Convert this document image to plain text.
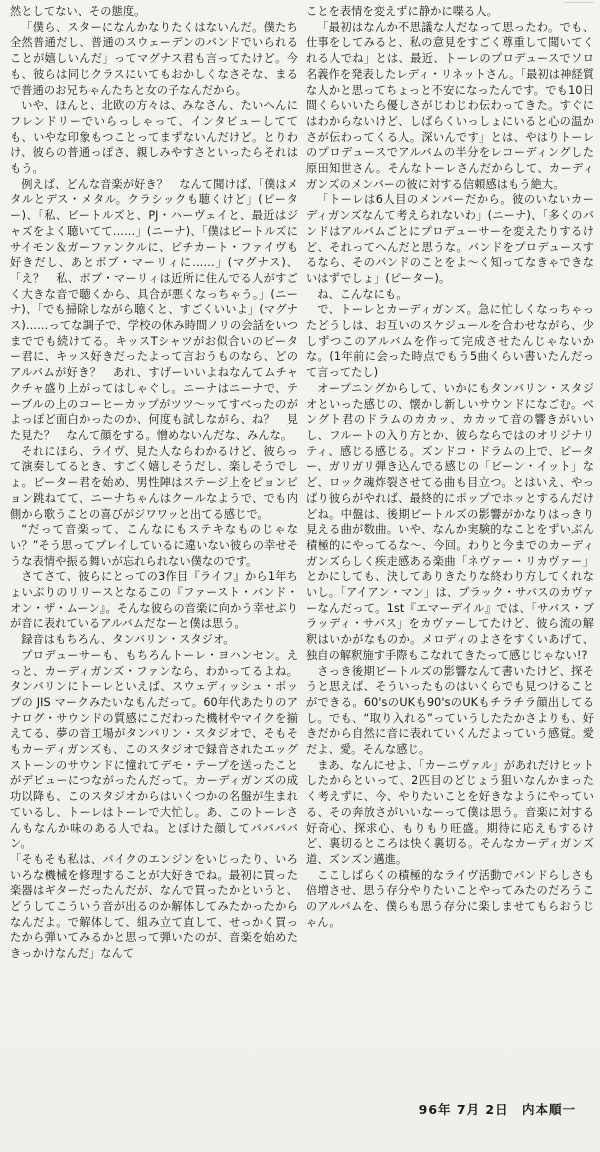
然としてない、その態度。

「僕ら、スターになんかなりたくはないんだ。僕たち全然普通だし、普通のスウェーデンのバンドでいられることが嬉しいんだ」ってマグナス君も言ってたけど。今も、彼らは同じクラスにいてもおかしくなさそな、まるで普通のお兄ちゃんたちと女の子なんだから。

いや、ほんと、北欧の方々は、みなさん、たいへんにフレンドリーでいらっしゃって、インタビューしてても、いやな印象もつことってまずないんだけど。とりわけ、彼らの普通っぽさ、親しみやすさといったらそれはもう。

例えば、どんな音楽が好き？　なんて聞けば、「僕はメタルとデス・メタル。クラシックも聴くけど」(ピーター)、「私、ビートルズと、PJ・ハーヴェイと、最近はジャズをよく聴いてて……」(ニーナ)、「僕はビートルズにサイモン＆ガーファンクルに、ピチカート・ファイヴも好きだし、あとボブ・マーリィに……」(マグナス)、「え？　私、ボブ・マーリィは近所に住んでる人がすごく大きな音で聴くから、具合が悪くなっちゃう。」(ニーナ)、「でも掃除しながら聴くと、すごくいいよ」(マグナス)……ってな調子で、学校の休み時間ノリの会話をいつまででも続けてる。キッスTシャツがお似合いのピーター君に、キッス好きだったよって言おうものなら、どのアルバムが好き？　あれ、すげーいいよねなんてムチャクチャ盛り上がってはしゃぐし。ニーナはニーナで、テーブルの上のコーヒーカップがツツ〜ッてすべったのがよっぽど面白かったのか、何度も試しながら、ね？　見た見た？　なんて顔をする。憎めないんだな、みんな。

それにほら、ライヴ、見た人ならわかるけど、彼らって演奏してるとき、すごく嬉しそうだし、楽しそうでしょ。ピーター君を始め、男性陣はステージ上をピョンピョン跳ねてて、ニーナちゃんはクールなようで、でも内側から歌うことの喜びがジワワッと出てる感じで。

“だって音楽って、こんなにもステキなものじゃない？”そう思ってプレイしているに違いない彼らの幸せそうな表情や振る舞いが忘れられない僕なのです。

さてさて、彼らにとっての3作目『ライフ』から1年ちょいぶりのリリースとなるこの『ファースト・バンド・オン・ザ・ムーン』。そんな彼らの音楽に向かう幸せぶりが音に表れているアルバムだなーと僕は思う。

録音はもちろん、タンバリン・スタジオ。

プロデューサーも、もちろんトーレ・ヨハンセン。えっと、カーディガンズ・ファンなら、わかってるよね。タンバリンにトーレといえば、スウェディッシュ・ポップの JIS マークみたいなもんだって。60年代あたりのアナログ・サウンドの質感にこだわった機材やマイクを揃えてる、夢の音工場がタンバリン・スタジオで、そもそもカーディガンズも、このスタジオで録音されたエッグストーンのサウンドに憧れてデモ・テープを送ったことがデビューにつながったんだって。カーディガンズの成功以降も、このスタジオからはいくつかの名盤が生まれているし、トーレはトーレで大忙し。あ、このトーレさんもなんか味のある人でね。とぼけた顔してババババン。

「そもそも私は、バイクのエンジンをいじったり、いろいろな機械を修理することが大好きでね。最初に買った楽器はギターだったんだが、なんで買ったかというと、どうしてこういう音が出るのか解体してみたかったからなんだよ。で解体して、組み立て直して、せっかく買ったから弾いてみるかと思って弾いたのが、音楽を始めたきっかけなんだ」なんて

ことを表情を変えずに静かに喋る人。

「最初はなんか不思議な人だなって思ったわ。でも、仕事をしてみると、私の意見をすごく尊重して聞いてくれる人でね」とは、最近、トーレのプロデュースでソロ名義作を発表したレディ・リネットさん。「最初は神経質な人かと思ってちょっと不安になったんです。でも10日間くらいいたら優しさがじわじわ伝わってきた。すぐにはわからないけど、しばらくいっしょにいると心の温かさが伝わってくる人。深いんです」とは、やはりトーレのプロデュースでアルバムの半分をレコーディングした原田知世さん。そんなトーレさんだからして、カーディガンズのメンバーの彼に対する信頼感はもう絶大。

「トーレは6人目のメンバーだから。彼のいないカーディガンズなんて考えられないわ」(ニーナ)、「多くのバンドはアルバムごとにプロデューサーを変えたりするけど、それってへんだと思うな。バンドをプロデュースするなら、そのバンドのことをよ〜く知ってなきゃできないはずでしょ」(ピーター)。

ね、こんなにも。

で、トーレとカーディガンズ。急に忙しくなっちゃったどうしは、お互いのスケジュールを合わせながら、少しずつこのアルバムを作って完成させたんじゃないかな。(1年前に会った時点でもう5曲くらい書いたんだって言ってたし)

オープニングからして、いかにもタンバリン・スタジオといった感じの、懐かし新しいサウンドになごむ。ベングト君のドラムのカカッ、カカッて音の響きがいいし、フルートの入り方とか、彼らならではのオリジナリティ、感じる感じる。ズンドコ・ドラムの上で、ピーター、ガリガリ弾き込んでる感じの「ビーン・イット」など、ロック魂炸裂させてる曲も目立つ。とはいえ、やっぱり彼らがやれば、最終的にポップでホッとするんだけどね。中盤は、後期ビートルズの影響がかなりはっきり見える曲が数曲。いや、なんか実験的なことをずいぶん積極的にやってるな〜、今回。わりと今までのカーディガンズらしく疾走感ある楽曲「ネヴァー・リカヴァー」とかにしても、決してありきたりな終わり方してくれないし。「アイアン・マン」は、ブラック・サバスのカヴァーなんだって。1st『エマーデイル』では、「サバス・ブラッディ・サバス」をカヴァーしてたけど、彼ら流の解釈はいかがなものか。メロディのよさをすくいあげて、独自の解釈施す手際もこなれてきたって感じじゃない!?

さっき後期ビートルズの影響なんて書いたけど、探そうと思えば、そういったものはいくらでも見つけることができる。60'sのUKも90'sのUKもチラチラ顔出してるし。でも、“取り入れる”っていうしたたかさよりも、好きだから自然に音に表れていくんだよっていう感覚。愛だよ、愛。そんな感じ。

まあ、なんにせよ、「カーニヴァル」があれだけヒットしたからといって、2匹目のどじょう狙いなんかまったく考えずに、今、やりたいことを好きなようにやっている、その奔放さがいいなーって僕は思う。音楽に対する好奇心、探求心、もりもり旺盛。期待に応えもするけど、裏切るところは快く裏切る。そんなカーディガンズ道、ズンズン邁進。

ここしばらくの積極的なライヴ活動でバンドらしさも倍増させ、思う存分やりたいことやってみたのだろうこのアルバムを、僕らも思う存分に楽しませてもらおうじゃん。

96年 7月 2日 内本順一
